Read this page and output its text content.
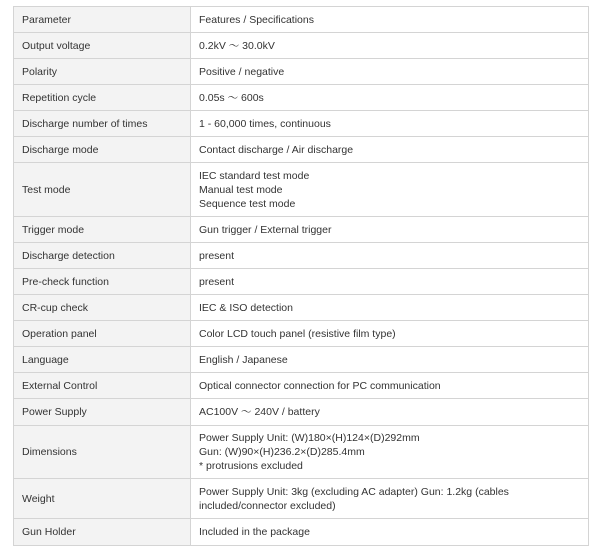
Parameter	Features / Specifications
Output voltage	0.2kV ～ 30.0kV

Polarity	Positive / negative

Repetition cycle	0.05s ～ 600s

Discharge number of times	1 - 60,000 times, continuous

Discharge mode	Contact discharge / Air discharge

Test mode	IEC standard test mode
Manual test mode
Sequence test mode

Trigger mode	Gun trigger / External trigger

Discharge detection	present

Pre-check function	present

CR-cup check	IEC & ISO detection

Operation panel	Color LCD touch panel (resistive film type)

Language	English / Japanese

External Control	Optical connector connection for PC communication

Power Supply	AC100V ～ 240V / battery

Dimensions	Power Supply Unit: (W)180×(H)124×(D)292mm
Gun: (W)90×(H)236.2×(D)285.4mm
* protrusions excluded

Weight	Power Supply Unit: 3kg (excluding AC adapter) Gun: 1.2kg (cables included/connector excluded)

Gun Holder	Included in the package
